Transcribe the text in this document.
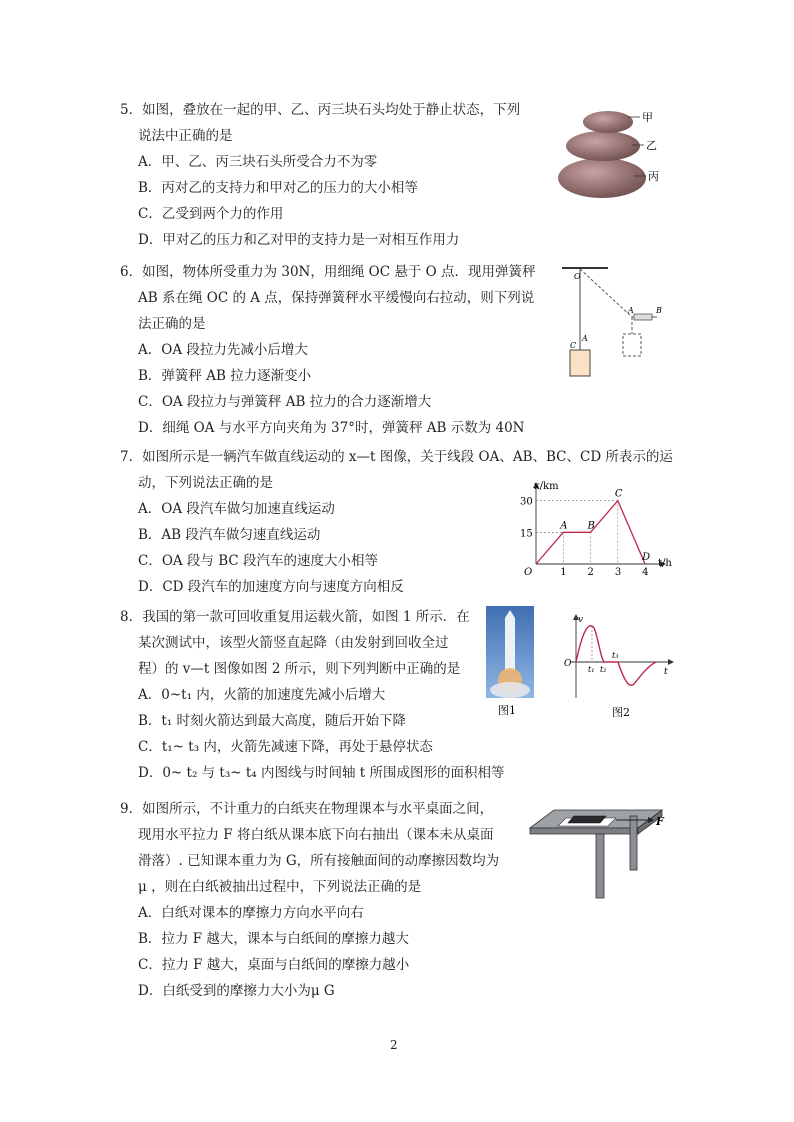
5．如图，叠放在一起的甲、乙、丙三块石头均处于静止状态，下列
说法中正确的是
A．甲、乙、丙三块石头所受合力不为零
B．丙对乙的支持力和甲对乙的压力的大小相等
C．乙受到两个力的作用
D．甲对乙的压力和乙对甲的支持力是一对相互作用力
甲
乙
丙
6．如图，物体所受重力为 30N，用细绳 OC 悬于 O 点．现用弹簧秤
AB 系在绳 OC 的 A 点，保持弹簧秤水平缓慢向右拉动，则下列说
法正确的是
A．OA 段拉力先减小后增大
B．弹簧秤 AB 拉力逐渐变小
C．OA 段拉力与弹簧秤 AB 拉力的合力逐渐增大
D．细绳 OA 与水平方向夹角为 37°时，弹簧秤 AB 示数为 40N
O
A
C
A	B
7．如图所示是一辆汽车做直线运动的 x—t 图像，关于线段 OA、AB、BC、CD 所表示的运
动，下列说法正确的是
A．OA 段汽车做匀加速直线运动
B．AB 段汽车做匀速直线运动
C．OA 段与 BC 段汽车的速度大小相等
D．CD 段汽车的加速度方向与速度方向相反
1 2 3 4
15
30
A B
C
D
x/km
t/h
O
8．我国的第一款可回收重复用运载火箭，如图 1 所示．在
某次测试中，该型火箭竖直起降（由发射到回收全过
程）的 v—t 图像如图 2 所示，则下列判断中正确的是
A．0~t₁ 内，火箭的加速度先减小后增大
B．t₁ 时刻火箭达到最大高度，随后开始下降
C．t₁~ t₃ 内，火箭先减速下降，再处于悬停状态
D．0~ t₂ 与 t₃~ t₄ 内图线与时间轴 t 所围成图形的面积相等
图1
v
O
t₁ t₂
t₃
t
图2
9．如图所示，不计重力的白纸夹在物理课本与水平桌面之间，
现用水平拉力 F 将白纸从课本底下向右抽出（课本未从桌面
滑落）. 已知课本重力为 G，所有接触面间的动摩擦因数均为
μ ，则在白纸被抽出过程中，下列说法正确的是
A．白纸对课本的摩擦力方向水平向右
B．拉力 F 越大，课本与白纸间的摩擦力越大
C．拉力 F 越大，桌面与白纸间的摩擦力越小
D．白纸受到的摩擦力大小为μ G
F
2
